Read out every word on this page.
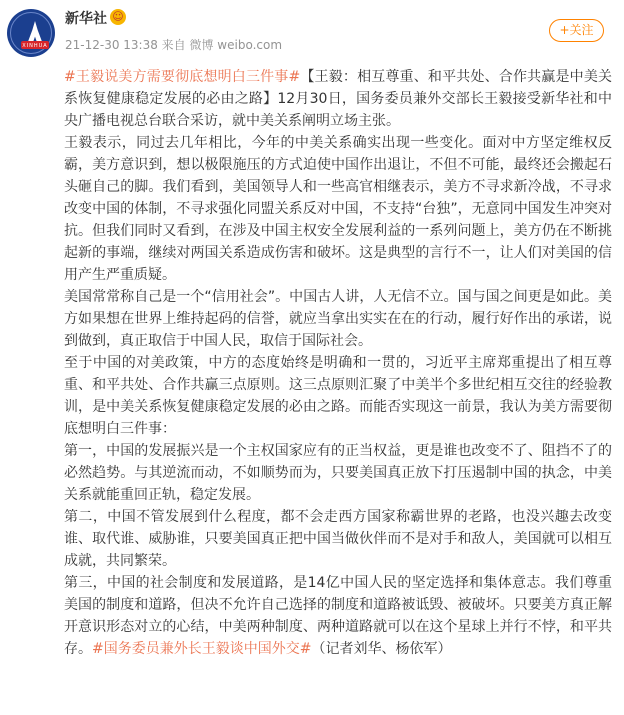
XINHUA
新华社 ☺
21-12-30 13:38 来自 微博 weibo.com
+关注

#王毅说美方需要彻底想明白三件事#【王毅：相互尊重、和平共处、合作共赢是中美关系恢复健康稳定发展的必由之路】12月30日，国务委员兼外交部长王毅接受新华社和中央广播电视总台联合采访，就中美关系阐明立场主张。

王毅表示，同过去几年相比，今年的中美关系确实出现一些变化。面对中方坚定维权反霸，美方意识到，想以极限施压的方式迫使中国作出退让，不但不可能，最终还会搬起石头砸自己的脚。我们看到，美国领导人和一些高官相继表示，美方不寻求新冷战，不寻求改变中国的体制，不寻求强化同盟关系反对中国，不支持“台独”，无意同中国发生冲突对抗。但我们同时又看到，在涉及中国主权安全发展利益的一系列问题上，美方仍在不断挑起新的事端，继续对两国关系造成伤害和破坏。这是典型的言行不一，让人们对美国的信用产生严重质疑。

美国常常称自己是一个“信用社会”。中国古人讲，人无信不立。国与国之间更是如此。美方如果想在世界上维持起码的信誉，就应当拿出实实在在的行动，履行好作出的承诺，说到做到，真正取信于中国人民，取信于国际社会。

至于中国的对美政策，中方的态度始终是明确和一贯的，习近平主席郑重提出了相互尊重、和平共处、合作共赢三点原则。这三点原则汇聚了中美半个多世纪相互交往的经验教训，是中美关系恢复健康稳定发展的必由之路。而能否实现这一前景，我认为美方需要彻底想明白三件事：

第一，中国的发展振兴是一个主权国家应有的正当权益，更是谁也改变不了、阻挡不了的必然趋势。与其逆流而动，不如顺势而为，只要美国真正放下打压遏制中国的执念，中美关系就能重回正轨，稳定发展。

第二，中国不管发展到什么程度，都不会走西方国家称霸世界的老路，也没兴趣去改变谁、取代谁、威胁谁，只要美国真正把中国当做伙伴而不是对手和敌人，美国就可以相互成就，共同繁荣。

第三，中国的社会制度和发展道路，是14亿中国人民的坚定选择和集体意志。我们尊重美国的制度和道路，但决不允许自己选择的制度和道路被诋毁、被破坏。只要美方真正解开意识形态对立的心结，中美两种制度、两种道路就可以在这个星球上并行不悖，和平共存。#国务委员兼外长王毅谈中国外交#（记者刘华、杨依军）
